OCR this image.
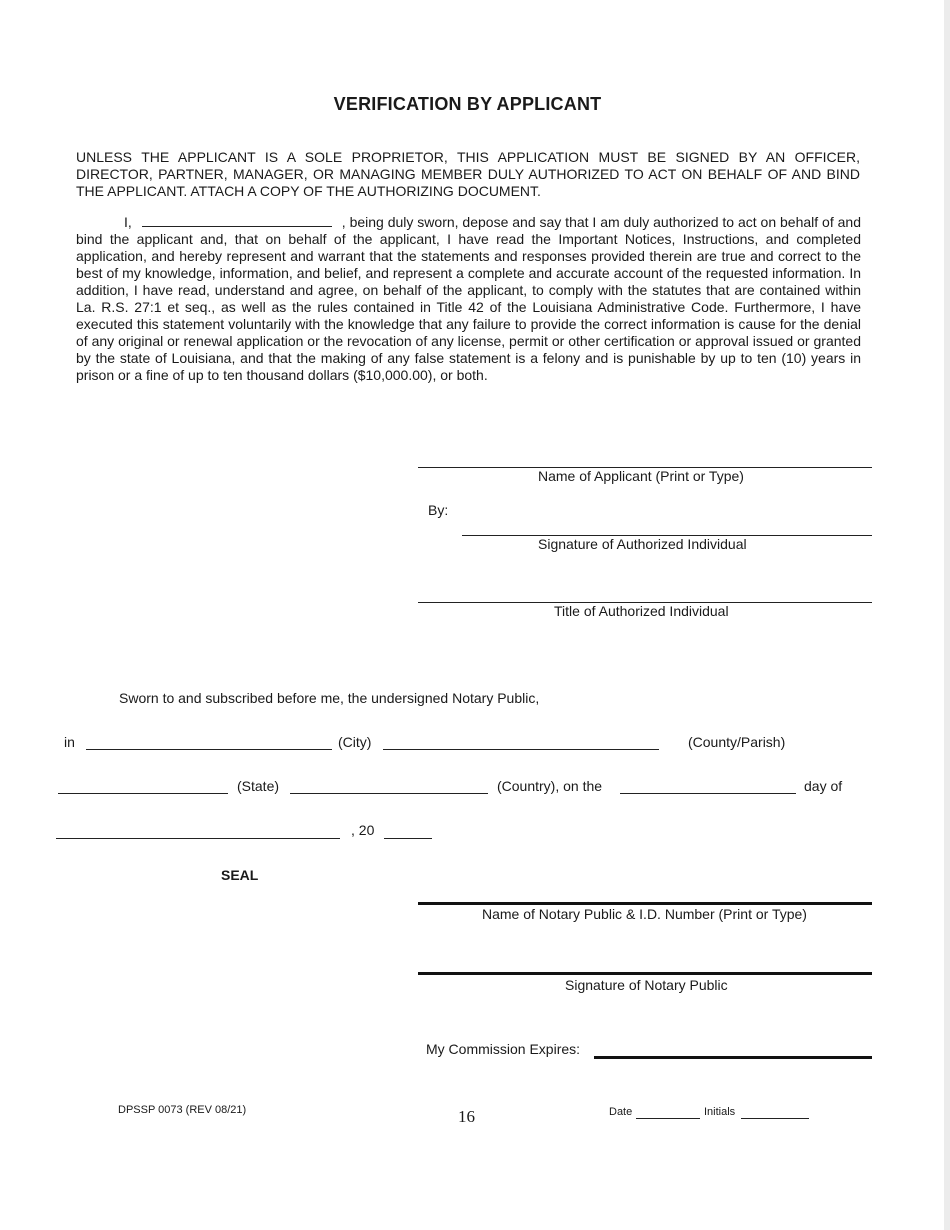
VERIFICATION BY APPLICANT
UNLESS THE APPLICANT IS A SOLE PROPRIETOR, THIS APPLICATION MUST BE SIGNED BY AN OFFICER, DIRECTOR, PARTNER, MANAGER, OR MANAGING MEMBER DULY AUTHORIZED TO ACT ON BEHALF OF AND BIND THE APPLICANT. ATTACH A COPY OF THE AUTHORIZING DOCUMENT.
I,	, being duly sworn, depose and say that I am duly authorized to act on behalf of and bind the applicant and, that on behalf of the applicant, I have read the Important Notices, Instructions, and completed application, and hereby represent and warrant that the statements and responses provided therein are true and correct to the best of my knowledge, information, and belief, and represent a complete and accurate account of the requested information. In addition, I have read, understand and agree, on behalf of the applicant, to comply with the statutes that are contained within La. R.S. 27:1 et seq., as well as the rules contained in Title 42 of the Louisiana Administrative Code. Furthermore, I have executed this statement voluntarily with the knowledge that any failure to provide the correct information is cause for the denial of any original or renewal application or the revocation of any license, permit or other certification or approval issued or granted by the state of Louisiana, and that the making of any false statement is a felony and is punishable by up to ten (10) years in prison or a fine of up to ten thousand dollars ($10,000.00), or both.
Name of Applicant (Print or Type)
By:
Signature of Authorized Individual
Title of Authorized Individual
Sworn to and subscribed before me, the undersigned Notary Public,
in	(City)	(County/Parish)
(State)	(Country), on the	day of
, 20
SEAL
Name of Notary Public & I.D. Number (Print or Type)
Signature of Notary Public
My Commission Expires:
DPSSP 0073 (REV 08/21)	16	Date	Initials
